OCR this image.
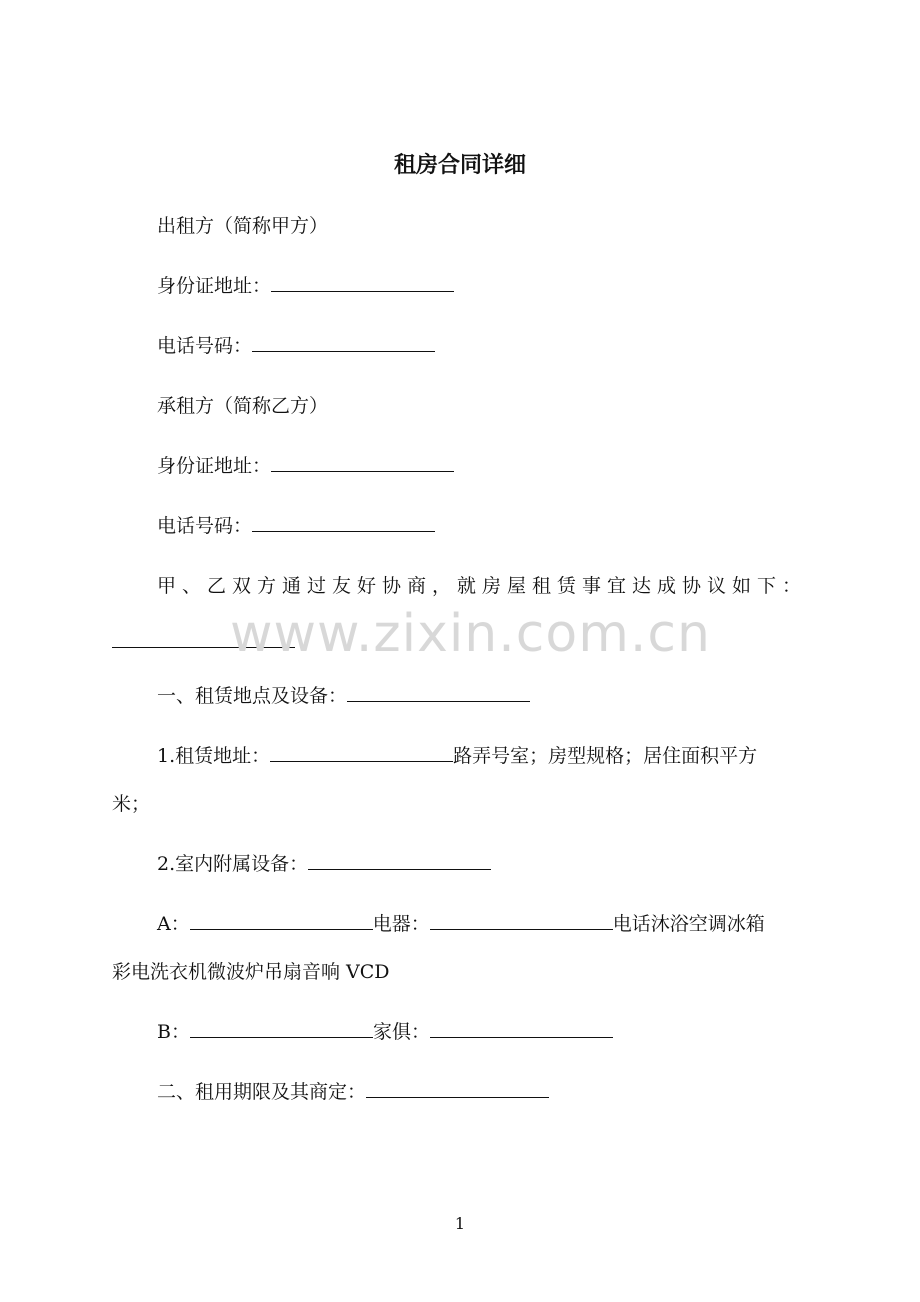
租房合同详细
出租方（简称甲方）
身份证地址：
电话号码：
承租方（简称乙方）
身份证地址：
电话号码：
甲、乙双方通过友好协商，就房屋租赁事宜达成协议如下：
www.zixin.com.cn
一、租赁地点及设备：
1.租赁地址：	路弄号室；房型规格；居住面积平方
米；
2.室内附属设备：
A：	电器：	电话沐浴空调冰箱
彩电洗衣机微波炉吊扇音响 VCD
B：	家俱：
二、租用期限及其商定：
1
